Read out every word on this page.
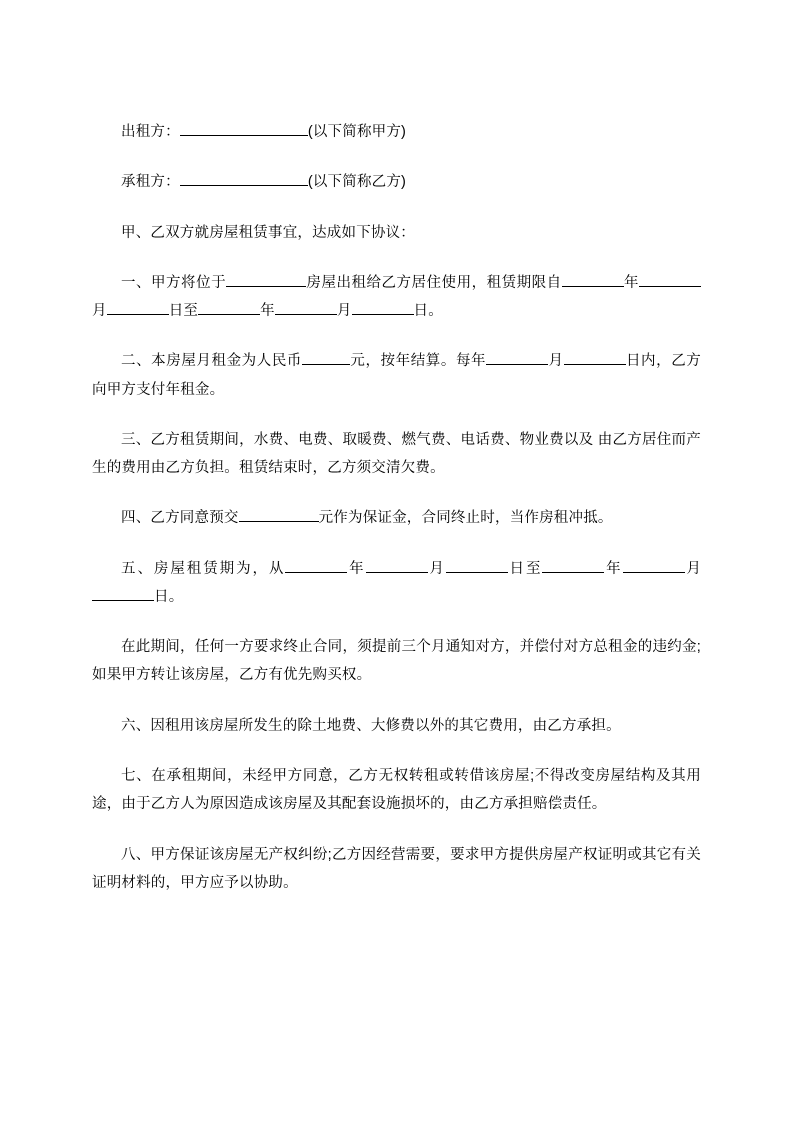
出租方：	(以下简称甲方)

承租方：	(以下简称乙方)

甲、乙双方就房屋租赁事宜，达成如下协议：

一、甲方将位于	房屋出租给乙方居住使用，租赁期限自	年月	日至	年	月	日。

二、本房屋月租金为人民币	元，按年结算。每年	月	日内，乙方向甲方支付年租金。

三、乙方租赁期间，水费、电费、取暖费、燃气费、电话费、物业费以及 由乙方居住而产生的费用由乙方负担。租赁结束时，乙方须交清欠费。

四、乙方同意预交	元作为保证金，合同终止时，当作房租冲抵。

五、房屋租赁期为，从	年	月	日至	年	月日。

在此期间，任何一方要求终止合同，须提前三个月通知对方，并偿付对方总租金的违约金;如果甲方转让该房屋，乙方有优先购买权。

六、因租用该房屋所发生的除土地费、大修费以外的其它费用，由乙方承担。

七、在承租期间，未经甲方同意，乙方无权转租或转借该房屋;不得改变房屋结构及其用途，由于乙方人为原因造成该房屋及其配套设施损坏的，由乙方承担赔偿责任。

八、甲方保证该房屋无产权纠纷;乙方因经营需要，要求甲方提供房屋产权证明或其它有关证明材料的，甲方应予以协助。
